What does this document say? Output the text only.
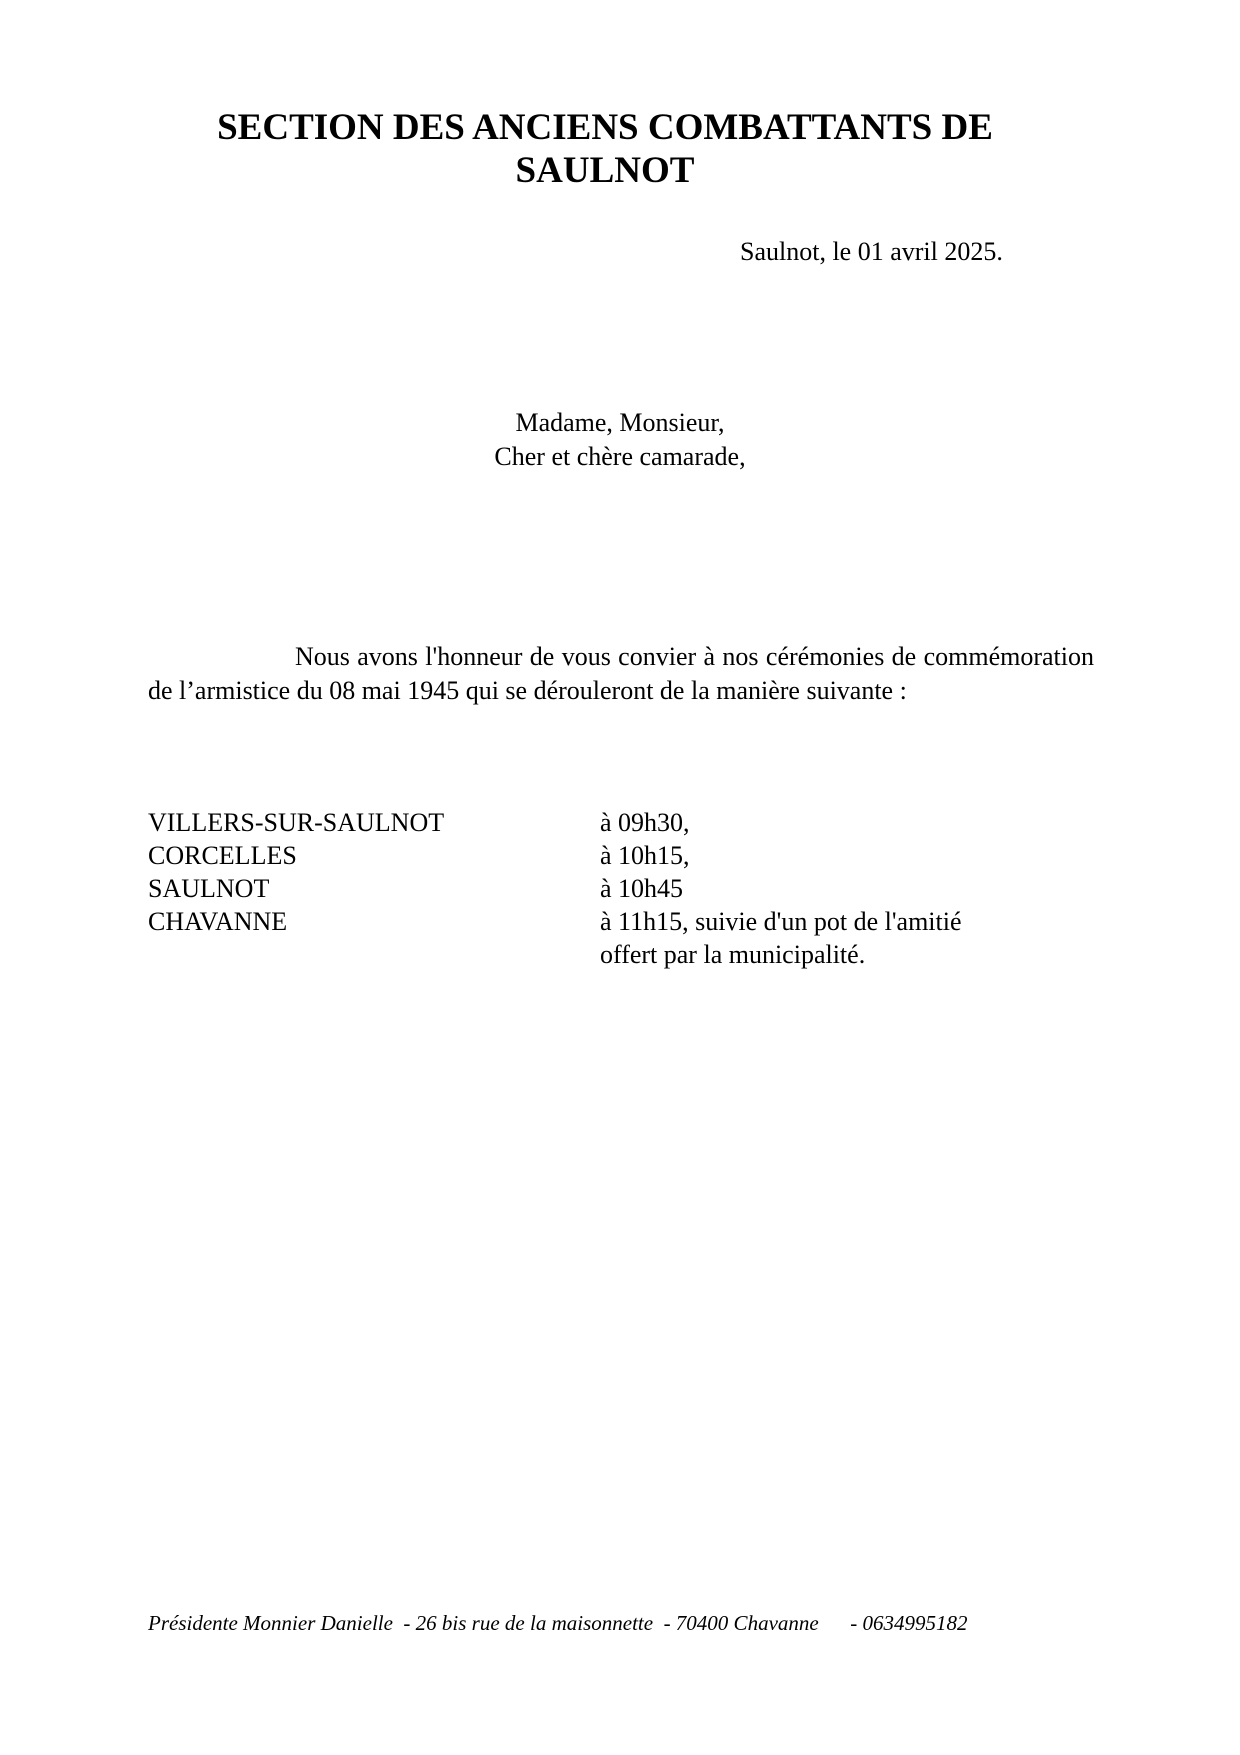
SECTION DES ANCIENS COMBATTANTS DE
SAULNOT
Saulnot, le 01 avril 2025.
Madame, Monsieur,
Cher et chère camarade,

Nous avons l'honneur de vous convier à nos cérémonies de commémoration de l’armistice du 08 mai 1945 qui se dérouleront de la manière suivante :

VILLERS-SUR-SAULNOT	à 09h30,
CORCELLES	à 10h15,
SAULNOT	à 10h45
CHAVANNE	à 11h15, suivie d'un pot de l'amitié
offert par la municipalité.
Présidente Monnier Danielle  - 26 bis rue de la maisonnette  - 70400 Chavanne      - 0634995182
